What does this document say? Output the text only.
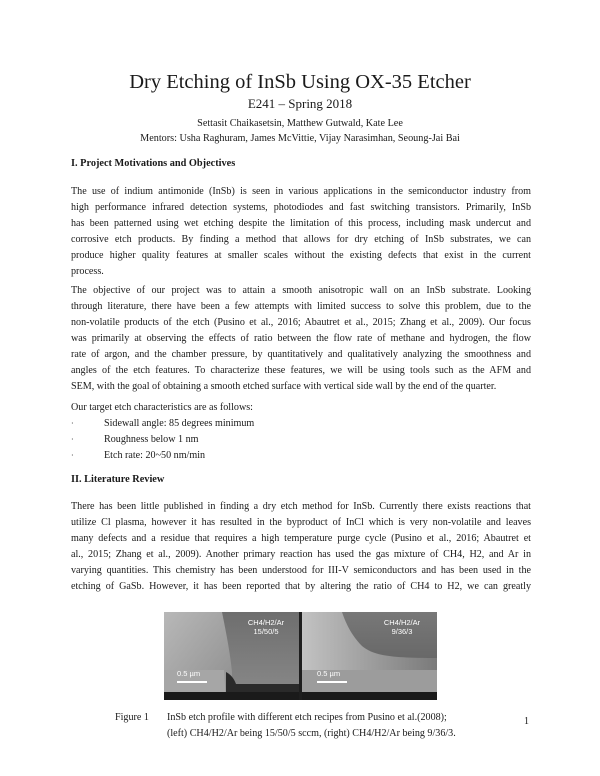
Dry Etching of InSb Using OX-35 Etcher
E241 – Spring 2018
Settasit Chaikasetsin, Matthew Gutwald, Kate Lee
Mentors: Usha Raghuram, James McVittie, Vijay Narasimhan, Seoung-Jai Bai
I. Project Motivations and Objectives
The use of indium antimonide (InSb) is seen in various applications in the semiconductor industry from
high performance infrared detection systems, photodiodes and fast switching transistors. Primarily, InSb
has been patterned using wet etching despite the limitation of this process, including mask undercut and
corrosive etch products. By finding a method that allows for dry etching of InSb substrates, we can
produce higher quality features at smaller scales without the existing defects that exist in the current
process.
The objective of our project was to attain a smooth anisotropic wall on an InSb substrate. Looking
through literature, there have been a few attempts with limited success to solve this problem, due to the
non-volatile products of the etch (Pusino et al., 2016; Abautret et al., 2015; Zhang et al., 2009). Our focus
was primarily at observing the effects of ratio between the flow rate of methane and hydrogen, the flow
rate of argon, and the chamber pressure, by quantitatively and qualitatively analyzing the smoothness and
angles of the etch features. To characterize these features, we will be using tools such as the AFM and
SEM, with the goal of obtaining a smooth etched surface with vertical side wall by the end of the quarter.
Our target etch characteristics are as follows:
·	Sidewall angle: 85 degrees minimum
·	Roughness below 1 nm
·	Etch rate: 20~50 nm/min
II. Literature Review
There has been little published in finding a dry etch method for InSb. Currently there exists reactions that
utilize Cl plasma, however it has resulted in the byproduct of InCl which is very non-volatile and leaves
many defects and a residue that requires a high temperature purge cycle (Pusino et al., 2016; Abautret et
al., 2015; Zhang et al., 2009). Another primary reaction has used the gas mixture of CH4, H2, and Ar in
varying quantities. This chemistry has been understood for III-V semiconductors and has been used in the
etching of GaSb. However, it has been reported that by altering the ratio of CH4 to H2, we can greatly
CH4/H2/Ar
15/50/5
0.5 µm
CH4/H2/Ar
9/36/3
0.5 µm
Figure 1 InSb etch profile with different etch recipes from Pusino et al.(2008);
(left) CH4/H2/Ar being 15/50/5 sccm, (right) CH4/H2/Ar being 9/36/3.
1
